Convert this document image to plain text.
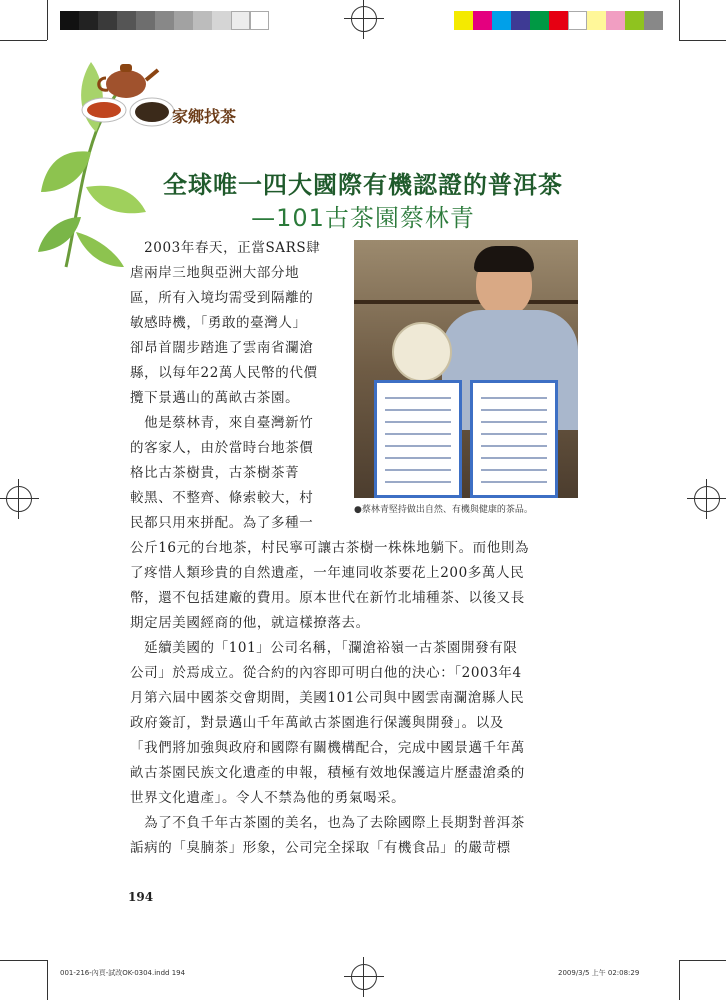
家鄉找茶
全球唯一四大國際有機認證的普洱茶
—101古茶園蔡林青
　2003年春天，正當SARS肆
虐兩岸三地與亞洲大部分地
區，所有入境均需受到隔離的
敏感時機，「勇敢的臺灣人」
卻昂首闊步踏進了雲南省瀾滄
縣，以每年22萬人民幣的代價
攬下景邁山的萬畝古茶園。
　他是蔡林青，來自臺灣新竹
的客家人，由於當時台地茶價
格比古茶樹貴，古茶樹茶菁
較黑、不整齊、條索較大，村
民都只用來拼配。為了多種一
●蔡林青堅持做出自然、有機與健康的茶品。
公斤16元的台地茶，村民寧可讓古茶樹一株株地躺下。而他則為
了疼惜人類珍貴的自然遺產，一年連同收茶要花上200多萬人民
幣，還不包括建廠的費用。原本世代在新竹北埔種茶、以後又長
期定居美國經商的他，就這樣撩落去。
　延續美國的「101」公司名稱，「瀾滄裕嶺一古茶園開發有限
公司」於焉成立。從合約的內容即可明白他的決心：「2003年4
月第六屆中國茶交會期間，美國101公司與中國雲南瀾滄縣人民
政府簽訂，對景邁山千年萬畝古茶園進行保護與開發」。以及
「我們將加強與政府和國際有關機構配合，完成中國景邁千年萬
畝古茶園民族文化遺產的申報，積極有效地保護這片歷盡滄桑的
世界文化遺產」。令人不禁為他的勇氣喝采。
　為了不負千年古茶園的美名，也為了去除國際上長期對普洱茶
詬病的「臭腩茶」形象，公司完全採取「有機食品」的嚴苛標
194
001-216-內頁-試改OK-0304.indd 194	2009/3/5 上午 02:08:29
